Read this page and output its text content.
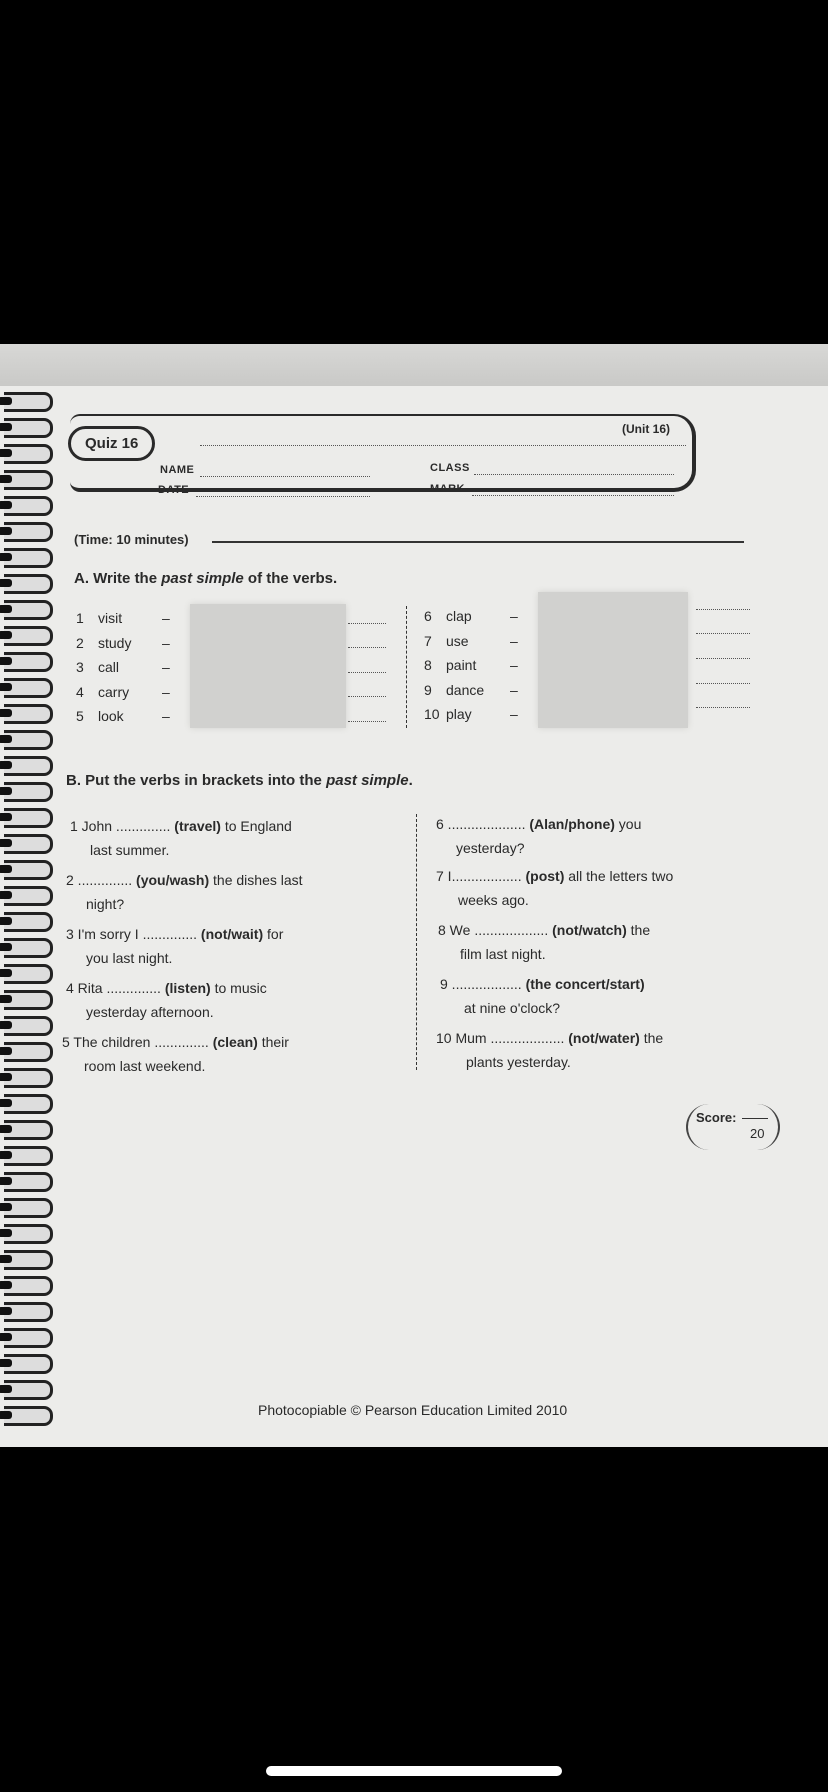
Quiz 16
(Unit 16)
NAME	CLASS
DATE	MARK
(Time: 10 minutes)
A. Write the past simple of the verbs.
1 visit	–
2 study –
3 call	–
4 carry –
5 look	–
6 clap	–
7 use	–
8 paint –
9 dance –
10 play	–
B. Put the verbs in brackets into the past simple.
1 John .............. (travel) to England
last summer.
2 .............. (you/wash) the dishes last
night?
3 I'm sorry I .............. (not/wait) for
you last night.
4 Rita .............. (listen) to music
yesterday afternoon.
5 The children .............. (clean) their
room last weekend.
6 .................... (Alan/phone) you
yesterday?
7 I.................. (post) all the letters two
weeks ago.
8 We ................... (not/watch) the
film last night.
9 .................. (the concert/start)
at nine o'clock?
10 Mum ................... (not/water) the
plants yesterday.
Score:
20
Photocopiable © Pearson Education Limited 2010
